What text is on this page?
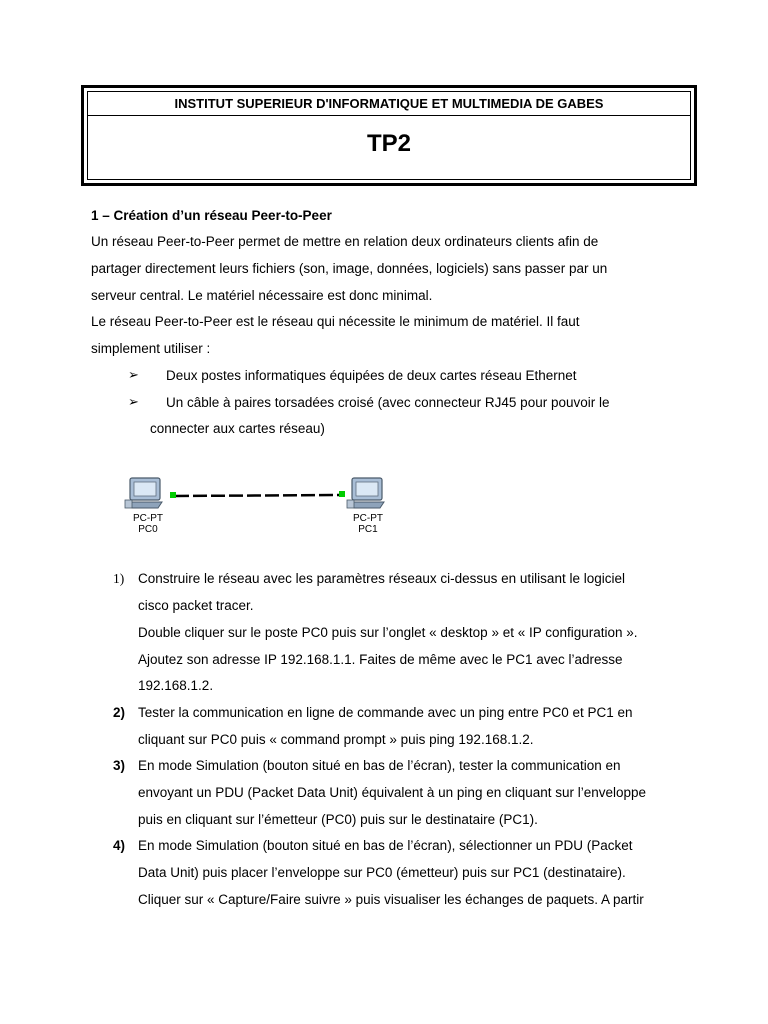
INSTITUT SUPERIEUR D'INFORMATIQUE ET MULTIMEDIA DE GABES
TP2
1 – Création d’un réseau Peer-to-Peer
Un réseau Peer-to-Peer permet de mettre en relation deux ordinateurs clients afin de
partager directement leurs fichiers (son, image, données, logiciels) sans passer par un
serveur central. Le matériel nécessaire est donc minimal.
Le réseau Peer-to-Peer est le réseau qui nécessite le minimum de matériel. Il faut
simplement utiliser :
➢ Deux postes informatiques équipées de deux cartes réseau Ethernet
➢ Un câble à paires torsadées croisé (avec connecteur RJ45 pour pouvoir le
connecter aux cartes réseau)
PC-PT
PC0
PC-PT
PC1
1) Construire le réseau avec les paramètres réseaux ci-dessus en utilisant le logiciel
cisco packet tracer.
Double cliquer sur le poste PC0 puis sur l’onglet « desktop » et « IP configuration ».
Ajoutez son adresse IP 192.168.1.1. Faites de même avec le PC1 avec l’adresse
192.168.1.2.
2) Tester la communication en ligne de commande avec un ping entre PC0 et PC1 en
cliquant sur PC0 puis « command prompt » puis ping 192.168.1.2.
3) En mode Simulation (bouton situé en bas de l’écran), tester la communication en
envoyant un PDU (Packet Data Unit) équivalent à un ping en cliquant sur l’enveloppe
puis en cliquant sur l’émetteur (PC0) puis sur le destinataire (PC1).
4) En mode Simulation (bouton situé en bas de l’écran), sélectionner un PDU (Packet
Data Unit) puis placer l’enveloppe sur PC0 (émetteur) puis sur PC1 (destinataire).
Cliquer sur « Capture/Faire suivre » puis visualiser les échanges de paquets. A partir
